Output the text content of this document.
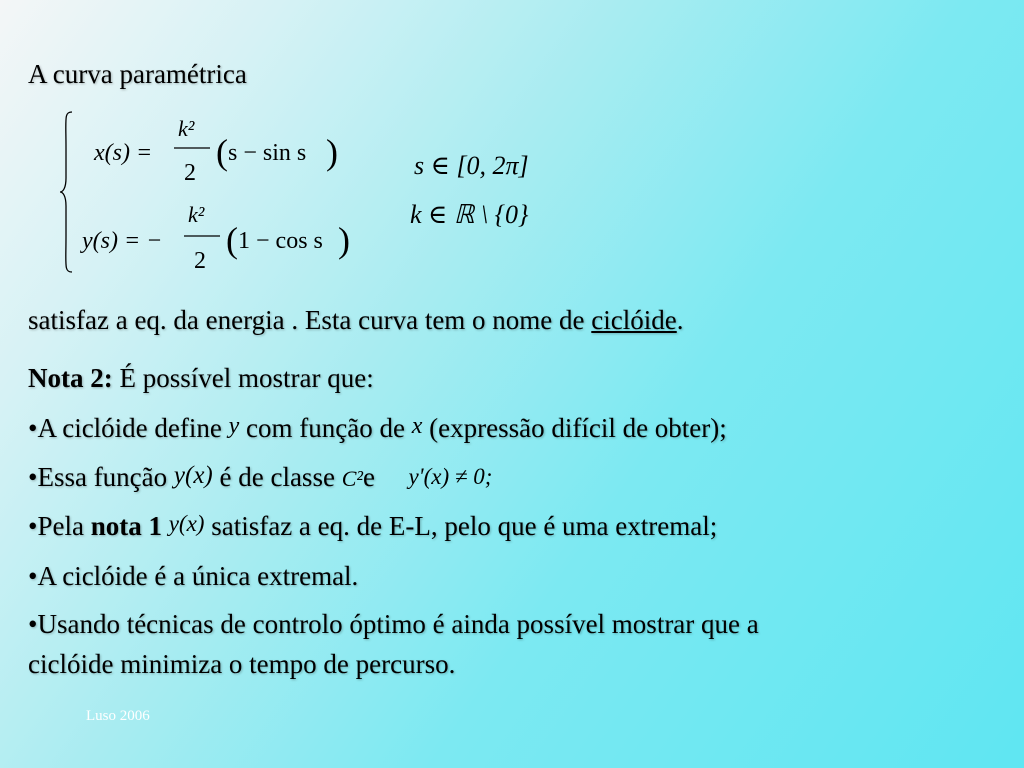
A curva paramétrica
x(s) =
k²
2
( s − sin s )
y(s) = −
k²
2
( 1 − cos s )
s ∈ [0, 2π]
k ∈ ℝ \ {0}
satisfaz a eq. da energia . Esta curva tem o nome de ciclóide.
Nota 2: É possível mostrar que:
•A ciclóide define y com função de x (expressão difícil de obter);
•Essa função y(x) é de classe C²e y'(x) ≠ 0;
•Pela nota 1 y(x) satisfaz a eq. de E-L, pelo que é uma extremal;
•A ciclóide é a única extremal.
•Usando técnicas de controlo óptimo é ainda possível mostrar que a
ciclóide minimiza o tempo de percurso.
Luso 2006
